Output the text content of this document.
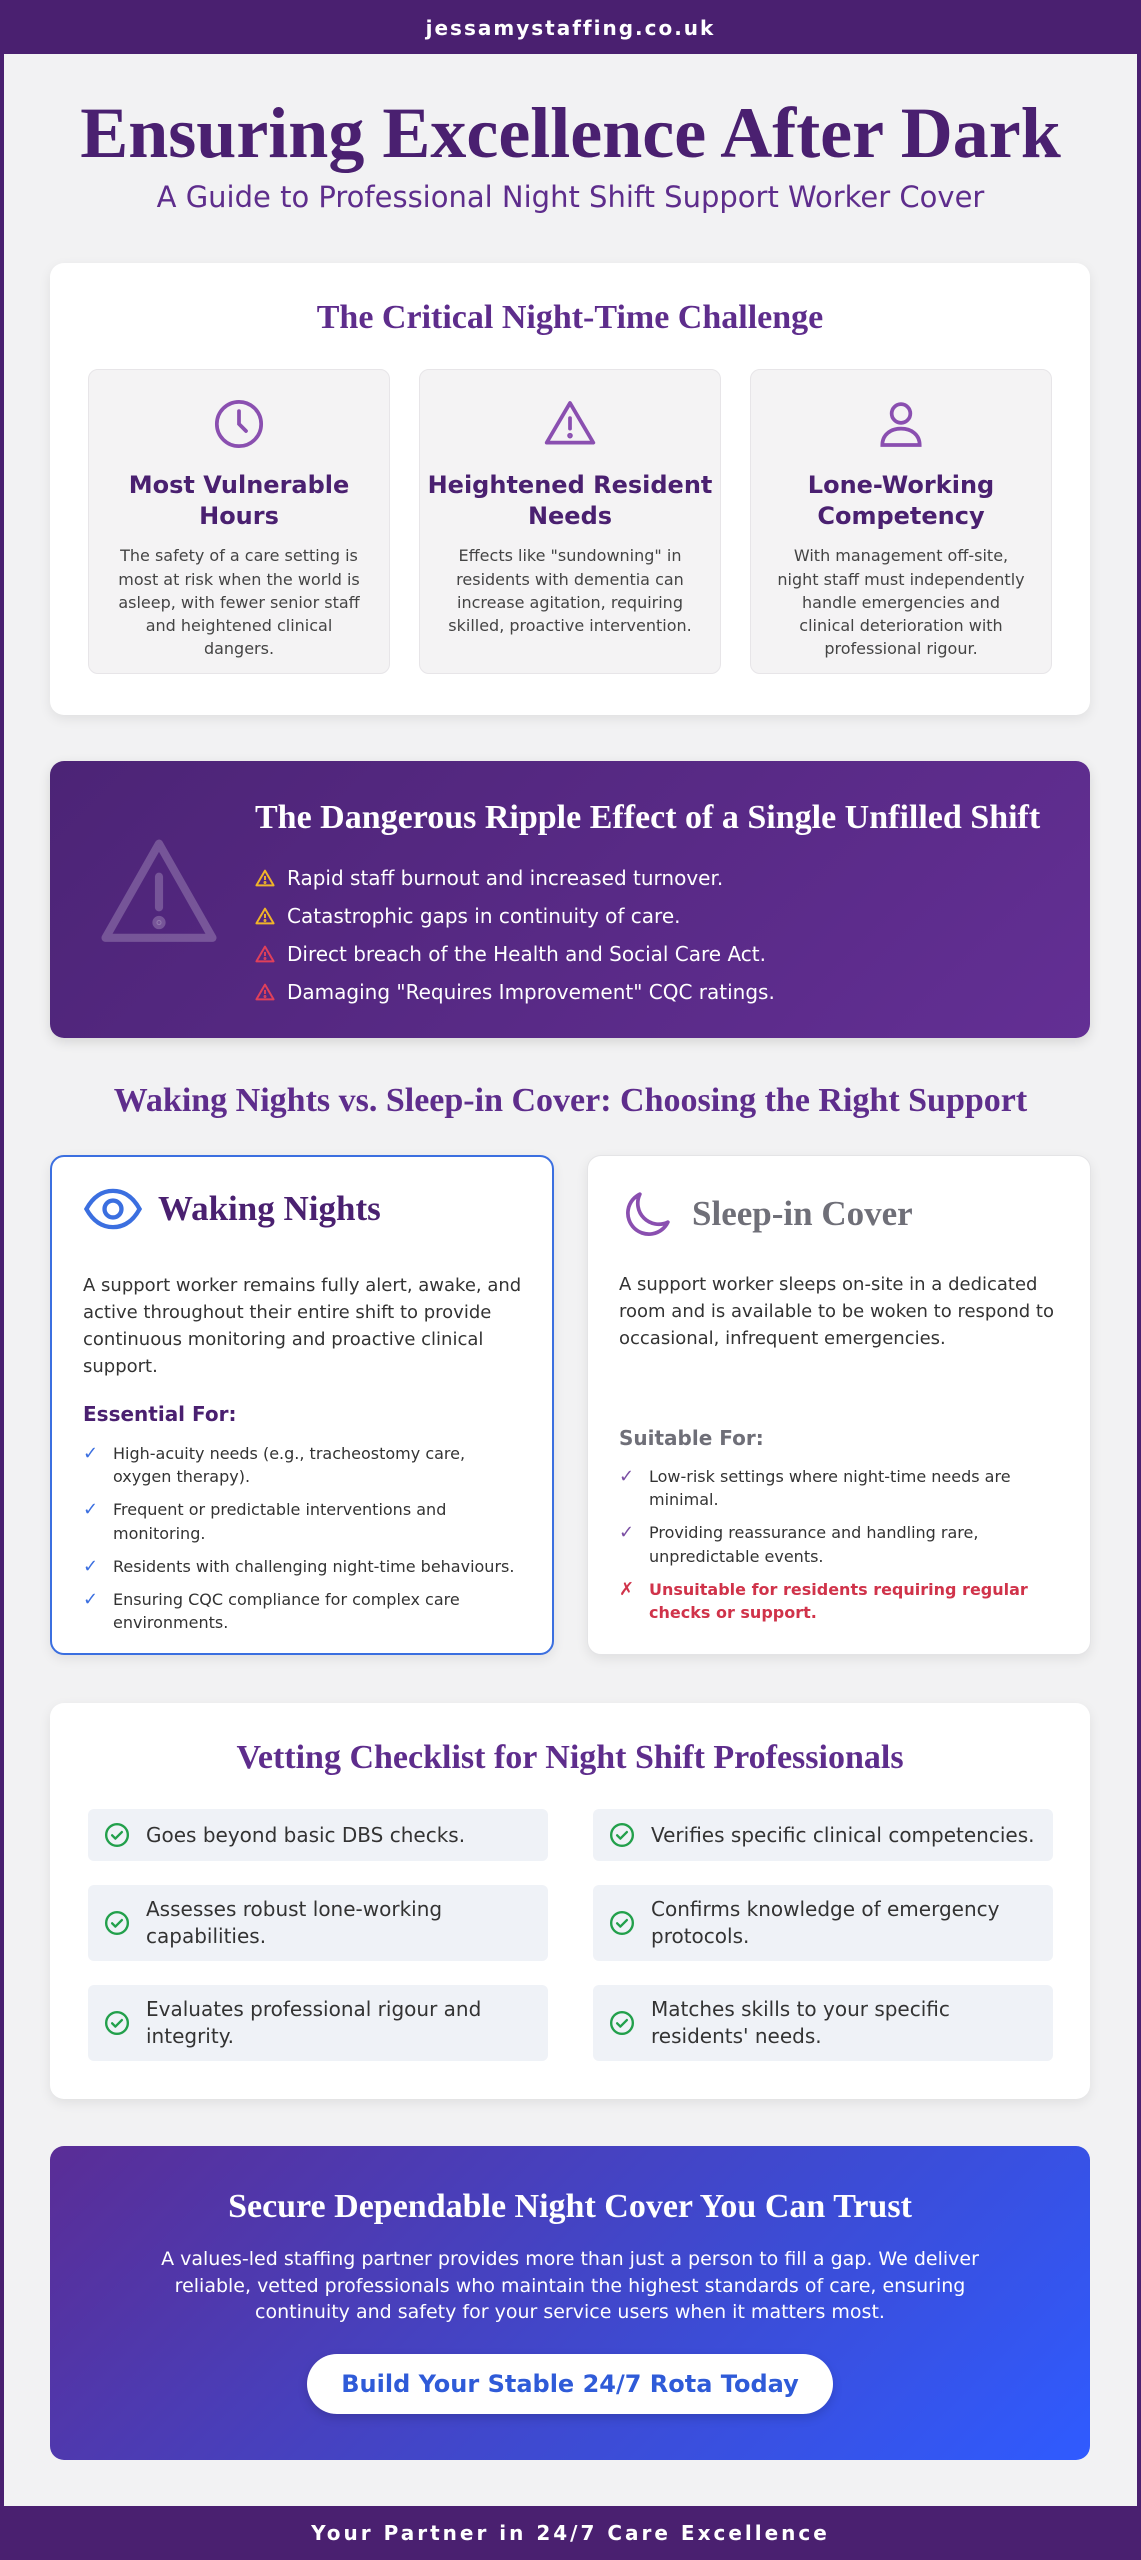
jessamystaffing.co.uk
Ensuring Excellence After Dark
A Guide to Professional Night Shift Support Worker Cover
The Critical Night-Time Challenge
Most Vulnerable Hours

The safety of a care setting is most at risk when the world is asleep, with fewer senior staff and heightened clinical dangers.

Heightened Resident Needs

Effects like "sundowning" in residents with dementia can increase agitation, requiring skilled, proactive intervention.

Lone-Working Competency

With management off-site, night staff must independently handle emergencies and clinical deterioration with professional rigour.

The Dangerous Ripple Effect of a Single Unfilled Shift
Rapid staff burnout and increased turnover.
Catastrophic gaps in continuity of care.
Direct breach of the Health and Social Care Act.
Damaging "Requires Improvement" CQC ratings.
Waking Nights vs. Sleep-in Cover: Choosing the Right Support
Waking Nights

A support worker remains fully alert, awake, and active throughout their entire shift to provide continuous monitoring and proactive clinical support.

Essential For:
✓ High-acuity needs (e.g., tracheostomy care, oxygen therapy).
✓ Frequent or predictable interventions and monitoring.
✓ Residents with challenging night-time behaviours.
✓ Ensuring CQC compliance for complex care environments.
Sleep-in Cover

A support worker sleeps on-site in a dedicated room and is available to be woken to respond to occasional, infrequent emergencies.

Suitable For:
✓ Low-risk settings where night-time needs are minimal.
✓ Providing reassurance and handling rare, unpredictable events.
✗ Unsuitable for residents requiring regular checks or support.
Vetting Checklist for Night Shift Professionals
Goes beyond basic DBS checks.	Verifies specific clinical competencies.
Assesses robust lone-working capabilities.
Confirms knowledge of emergency protocols.
Evaluates professional rigour and integrity.
Matches skills to your specific residents' needs.
Secure Dependable Night Cover You Can Trust

A values-led staffing partner provides more than just a person to fill a gap. We deliver reliable, vetted professionals who maintain the highest standards of care, ensuring continuity and safety for your service users when it matters most.

Build Your Stable 24/7 Rota Today
Your Partner in 24/7 Care Excellence
